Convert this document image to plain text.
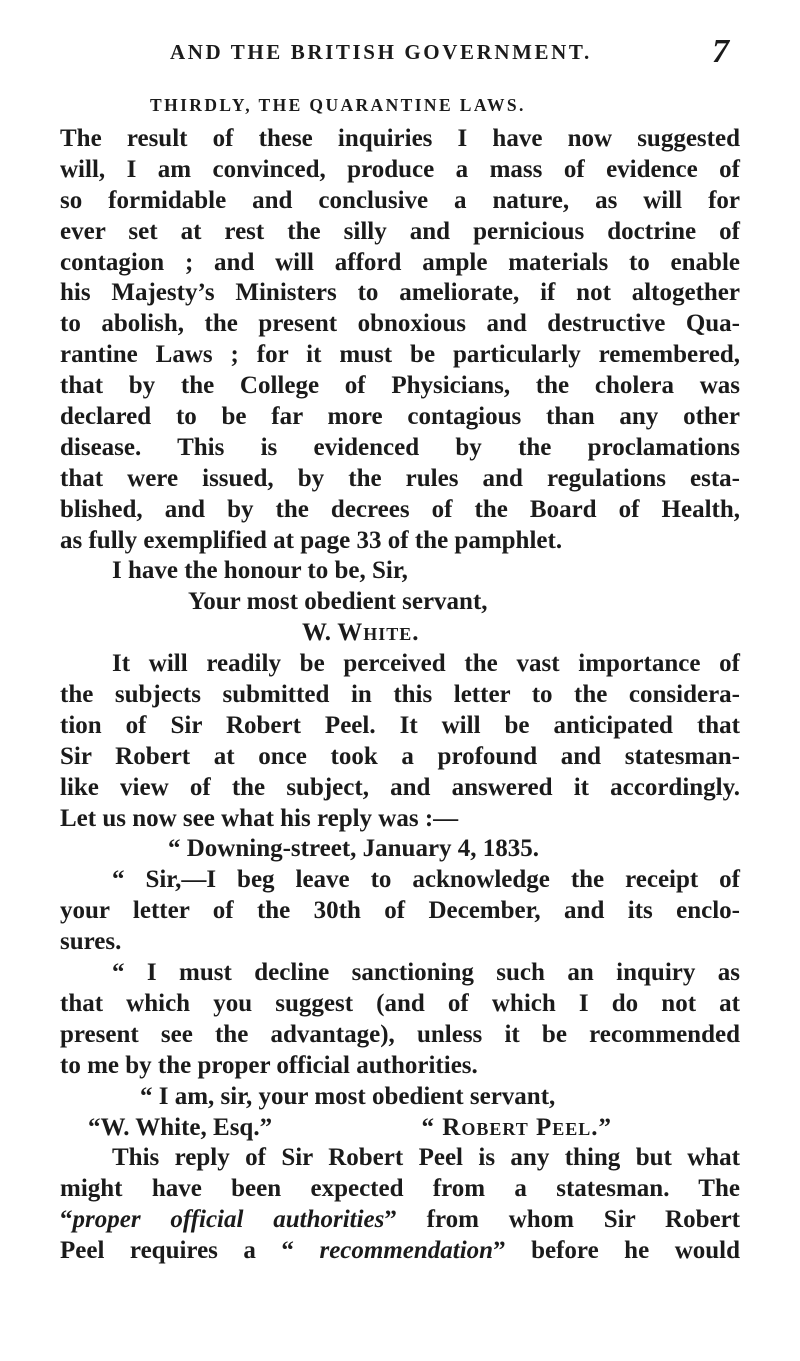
AND THE BRITISH GOVERNMENT.	7
THIRDLY, THE QUARANTINE LAWS.
The result of these inquiries I have now suggested
will, I am convinced, produce a mass of evidence of
so formidable and conclusive a nature, as will for
ever set at rest the silly and pernicious doctrine of
contagion ; and will afford ample materials to enable
his Majesty’s Ministers to ameliorate, if not altogether
to abolish, the present obnoxious and destructive Qua-
rantine Laws ; for it must be particularly remembered,
that by the College of Physicians, the cholera was
declared to be far more contagious than any other
disease. This is evidenced by the proclamations
that were issued, by the rules and regulations esta-
blished, and by the decrees of the Board of Health,
as fully exemplified at page 33 of the pamphlet.
I have the honour to be, Sir,
Your most obedient servant,
W. White.
It will readily be perceived the vast importance of
the subjects submitted in this letter to the considera-
tion of Sir Robert Peel. It will be anticipated that
Sir Robert at once took a profound and statesman-
like view of the subject, and answered it accordingly.
Let us now see what his reply was :—
“ Downing-street, January 4, 1835.
“ Sir,—I beg leave to acknowledge the receipt of
your letter of the 30th of December, and its enclo-
sures.
“ I must decline sanctioning such an inquiry as
that which you suggest (and of which I do not at
present see the advantage), unless it be recommended
to me by the proper official authorities.
“ I am, sir, your most obedient servant,
“W. White, Esq.”	“ Robert Peel.”
This reply of Sir Robert Peel is any thing but what
might have been expected from a statesman. The
“proper official authorities” from whom Sir Robert
Peel requires a “ recommendation” before he would
